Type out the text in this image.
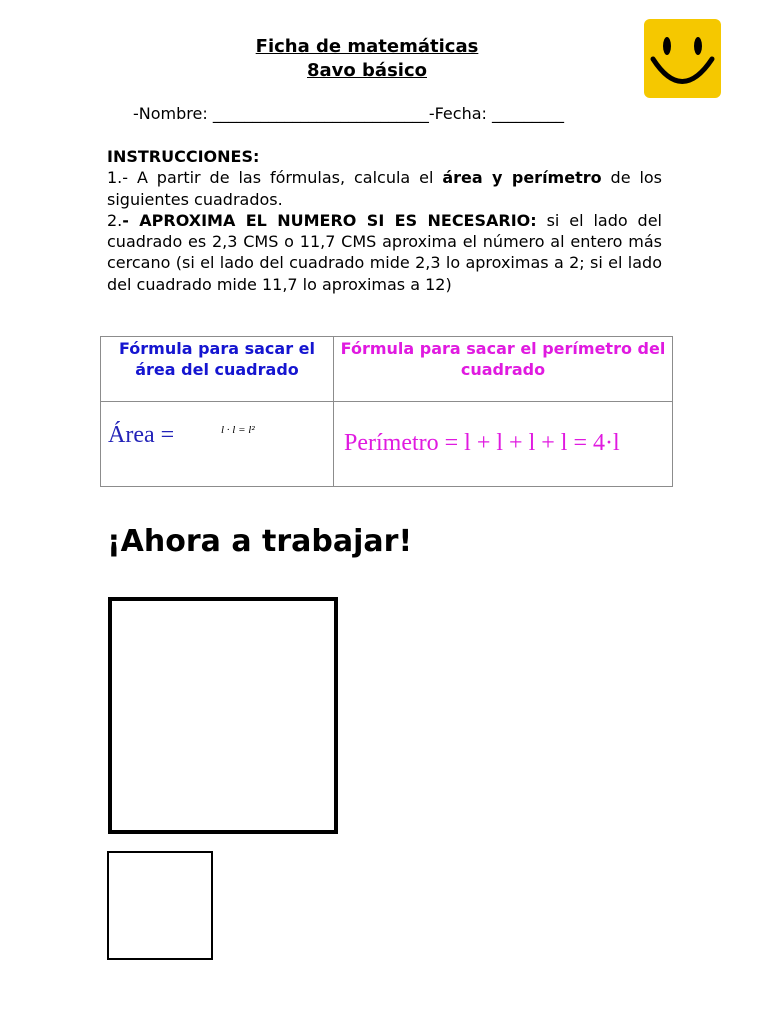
Ficha de matemáticas
8avo básico
-Nombre: ___________________________-Fecha: _________

INSTRUCCIONES:

1.- A partir de las fórmulas, calcula el área y perímetro de los siguientes cuadrados.

2.- APROXIMA EL NUMERO SI ES NECESARIO: si el lado del cuadrado es 2,3 CMS o 11,7 CMS aproxima el número al entero más cercano (si el lado del cuadrado mide 2,3 lo aproximas a 2; si el lado del cuadrado mide 11,7 lo aproximas a 12)

Fórmula para sacar el área del cuadrado	Fórmula para sacar el perímetro del cuadrado

Área = l · l = l²	Perímetro = l + l + l + l = 4·l
¡Ahora a trabajar!
